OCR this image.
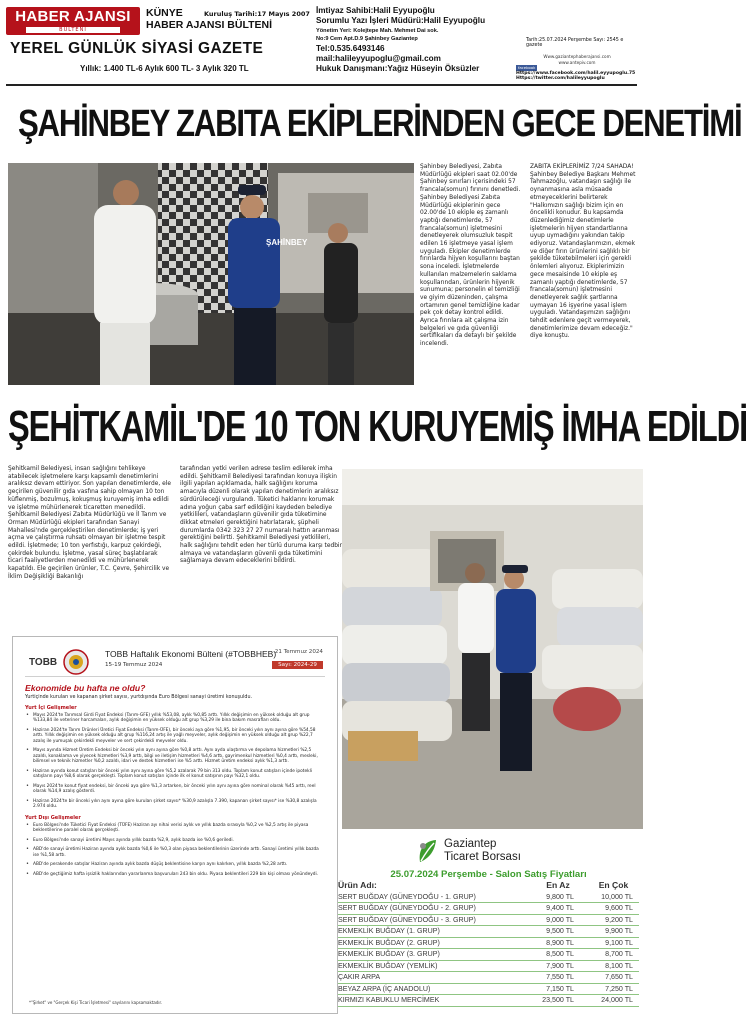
HABER AJANSI
BÜLTENİ
KÜNYE
HABER AJANSI BÜLTENİ
Kuruluş Tarihi:17 Mayıs 2007
YEREL GÜNLÜK SİYASİ GAZETE
Yıllık: 1.400 TL-6 Aylık 600 TL- 3 Aylık 320 TL
İmtiyaz Sahibi:Halil Eyyupoğlu
Sorumlu Yazı İşleri Müdürü:Halil Eyyupoğlu
Yönetim Yeri: Kolejtepe Mah. Mehmet Dai sok.
No:9 Cem Apt.D.9 Şahinbey Gaziantep
Tel:0.535.6493146 mail:halileyyupoglu@gmail.com
Hukuk Danışmanı:Yağız Hüseyin Öksüzler
Tarih:25.07.2024 Perşembe Sayı: 2545 e gazete
Www.gaziantephaberajansi.com
www.antepiv.com
facebook
Https://www.facebook.com/halil.eyyupoglu.75
Https://twitter.com/halileyyupoglu
ŞAHİNBEY ZABITA EKİPLERİNDEN GECE DENETİMİ
ŞAHİNBEY
Şahinbey Belediyesi, Zabıta Müdürlüğü ekipleri saat 02.00'de Şahinbey sınırları içerisindeki 57 francala(somun) fırınını denetledi. Şahinbey Belediyesi Zabıta Müdürlüğü ekiplerinin gece 02.00'de 10 ekiple eş zamanlı yaptığı denetimlerde, 57 francala(somun) işletmesini denetleyerek olumsuzluk tespit edilen 16 işletmeye yasal işlem uyguladı. Ekipler denetimlerde fırınlarda hijyen koşullarını baştan sona inceledi. İşletmelerde kullanılan malzemelerin saklama koşullarından, ürünlerin hijyenik sunumuna; personelin el temizliği ve giyim düzeninden, çalışma ortamının genel temizliğine kadar pek çok detay kontrol edildi. Ayrıca fırınlara ait çalışma izin belgeleri ve gıda güvenliği sertifikaları da detaylı bir şekilde incelendi.
ZABITA EKİPLERİMİZ 7/24 SAHADA! Şahinbey Belediye Başkanı Mehmet Tahmazoğlu, vatandaşın sağlığı ile oynanmasına asla müsaade etmeyeceklerini belirterek "Halkımızın sağlığı bizim için en öncelikli konudur. Bu kapsamda düzenlediğimiz denetimlerle işletmelerin hijyen standartlarına uyup uymadığını yakından takip ediyoruz. Vatandaşlarımızın, ekmek ve diğer fırın ürünlerini sağlıklı bir şekilde tüketebilmeleri için gerekli önlemleri alıyoruz. Ekiplerimizin gece mesaisinde 10 ekiple eş zamanlı yaptığı denetimlerde, 57 francala(somun) işletmesini denetleyerek sağlık şartlarına uymayan 16 işyerine yasal işlem uyguladı. Vatandaşımızın sağlığını tehdit edenlere geçit vermeyerek, denetimlerimize devam edeceğiz." diye konuştu.
ŞEHİTKAMİL'DE 10 TON KURUYEMİŞ İMHA EDİLDİ
Şehitkamil Belediyesi, insan sağlığını tehlikeye atabilecek işletmelere karşı kapsamlı denetimlerini aralıksız devam ettiriyor. Son yapılan denetimlerde, ele geçirilen güvenilir gıda vasfına sahip olmayan 10 ton küflenmiş, bozulmuş, kokuşmuş kuruyemiş imha edildi ve işletme mühürlenerek ticaretten menedildi. Şehitkamil Belediyesi Zabıta Müdürlüğü ve İl Tarım ve Orman Müdürlüğü ekipleri tarafından Sanayi Mahallesi'nde gerçekleştirilen denetimlerde; iş yeri açma ve çalıştırma ruhsatı olmayan bir işletme tespit edildi. İşletmede; 10 ton yerfıstığı, karpuz çekirdeği, çekirdek bulundu. İşletme, yasal süreç başlatılarak ticari faaliyetlerden menedildi ve mühürlenerek kapatıldı. Ele geçirilen ürünler, T.C. Çevre, Şehircilik ve İklim Değişikliği Bakanlığı
tarafından yetki verilen adrese teslim edilerek imha edildi. Şehitkamil Belediyesi tarafından konuya ilişkin ilgili yapılan açıklamada, halk sağlığını koruma amacıyla düzenli olarak yapılan denetimlerin aralıksız sürdürüleceği vurgulandı. Tüketici haklarını korumak adına yoğun çaba sarf edildiğini kaydeden belediye yetkilileri, vatandaşların güvenilir gıda tüketimine dikkat etmeleri gerektiğini hatırlatarak, şüpheli durumlarda 0342 323 27 27 numaralı hattın aranması gerektiğini belirtti. Şehitkamil Belediyesi yetkilileri, halk sağlığını tehdit eden her türlü duruma karşı tedbir almaya ve vatandaşların güvenli gıda tüketimini sağlamaya devam edeceklerini bildirdi.
TOBB
TOBB Haftalık Ekonomi Bülteni (#TOBBHEB)
15-19 Temmuz 2024
21 Temmuz 2024
Sayı: 2024-29
Ekonomide bu hafta ne oldu?
Yurtiçinde kurulan ve kapanan şirket sayısı, yurtdışında Euro Bölgesi sanayi üretimi konuşuldu.
Yurt İçi Gelişmeler
• Mayıs 2024'te Tarımsal Girdi Fiyat Endeksi (Tarım-GFE) yıllık %53,08, aylık %0,85 arttı. Yıllık değişimin en yüksek olduğu alt grup %133,84 ile veteriner harcamaları, aylık değişimin en yüksek olduğu alt grup %3,29 ile bina bakım masrafları oldu.
• Haziran 2024'te Tarım Ürünleri Üretici Fiyat Endeksi (Tarım-ÜFE), bir önceki aya göre %1,95, bir önceki yılın aynı ayına göre %54,58 arttı. Yıllık değişimin en yüksek olduğu alt grup %116,24 artış ile yağlı meyveler, aylık değişimin en yüksek olduğu alt grup %22,7 azalış ile yumuşak çekirdekli meyveler ve sert çekirdekli meyveler oldu.
• Mayıs ayında Hizmet Üretim Endeksi bir önceki yılın aynı ayına göre %0,8 arttı. Aynı ayda ulaştırma ve depolama hizmetleri %2,5 azaldı, konaklama ve yiyecek hizmetleri %3,9 arttı, bilgi ve iletişim hizmetleri %4,6 arttı, gayrimenkul hizmetleri %0,4 arttı, mesleki, bilimsel ve teknik hizmetler %0,2 azaldı, idari ve destek hizmetleri ise %5 arttı. Hizmet üretim endeksi aylık %1,3 arttı.
• Haziran ayında konut satışları bir önceki yılın aynı ayına göre %5,2 azalarak 79 bin 313 oldu. Toplam konut satışları içinde ipotekli satışların payı %8,6 olarak gerçekleşti. Toplam konut satışları içinde ilk el konut satışının payı %32,1 oldu.
• Mayıs 2024'te konut fiyat endeksi, bir önceki aya göre %1,3 artarken, bir önceki yılın aynı ayına göre nominal olarak %45 arttı, reel olarak %14,9 azalış gösterdi.
• Haziran 2024'te bir önceki yılın aynı ayına göre kurulan şirket sayısı* %30,9 azalışla 7.390, kapanan şirket sayısı* ise %30,8 azalışla 2.974 oldu.
Yurt Dışı Gelişmeler
• Euro Bölgesi'nde Tüketici Fiyat Endeksi (TÜFE) Haziran ayı nihai verisi aylık ve yıllık bazda sırasıyla %0,2 ve %2,5 artış ile piyasa beklentilerine paralel olarak gerçekleşti.
• Euro Bölgesi'nde sanayi üretimi Mayıs ayında yıllık bazda %2,9, aylık bazda ise %0,6 geriledi.
• ABD'de sanayi üretimi Haziran ayında aylık bazda %0,6 ile %0,3 olan piyasa beklentilerinin üzerinde arttı. Sanayi üretimi yıllık bazda ise %1,58 arttı.
• ABD'de perakende satışlar Haziran ayında aylık bazda düşüş beklentisine karşın aynı kalırken, yıllık bazda %2,28 arttı.
• ABD'de geçtiğimiz hafta işsizlik haklarından yararlanma başvuruları 243 bin oldu. Piyasa beklentileri 229 bin kişi olması yönündeydi.
*"Şirket" ve "Gerçek Kişi Ticari İşletmesi" sayılarını kapsamaktadır.
Gaziantep
Ticaret Borsası
25.07.2024 Perşembe - Salon Satış Fiyatları
Ürün Adı:	En Az	En Çok
SERT BUĞDAY (GÜNEYDOĞU - 1. GRUP)	9,800 TL	10,000 TL
SERT BUĞDAY (GÜNEYDOĞU - 2. GRUP)	9,400 TL	9,600 TL
SERT BUĞDAY (GÜNEYDOĞU - 3. GRUP)	9,000 TL	9,200 TL
EKMEKLİK BUĞDAY (1. GRUP)	9,500 TL	9,900 TL
EKMEKLİK BUĞDAY (2. GRUP)	8,900 TL	9,100 TL
EKMEKLİK BUĞDAY (3. GRUP)	8,500 TL	8,700 TL
EKMEKLİK BUĞDAY (YEMLİK)	7,900 TL	8,100 TL
ÇAKIR ARPA	7,550 TL	7,650 TL
BEYAZ ARPA (İÇ ANADOLU)	7,150 TL	7,250 TL
KIRMIZI KABUKLU MERCİMEK	23,500 TL	24,000 TL
